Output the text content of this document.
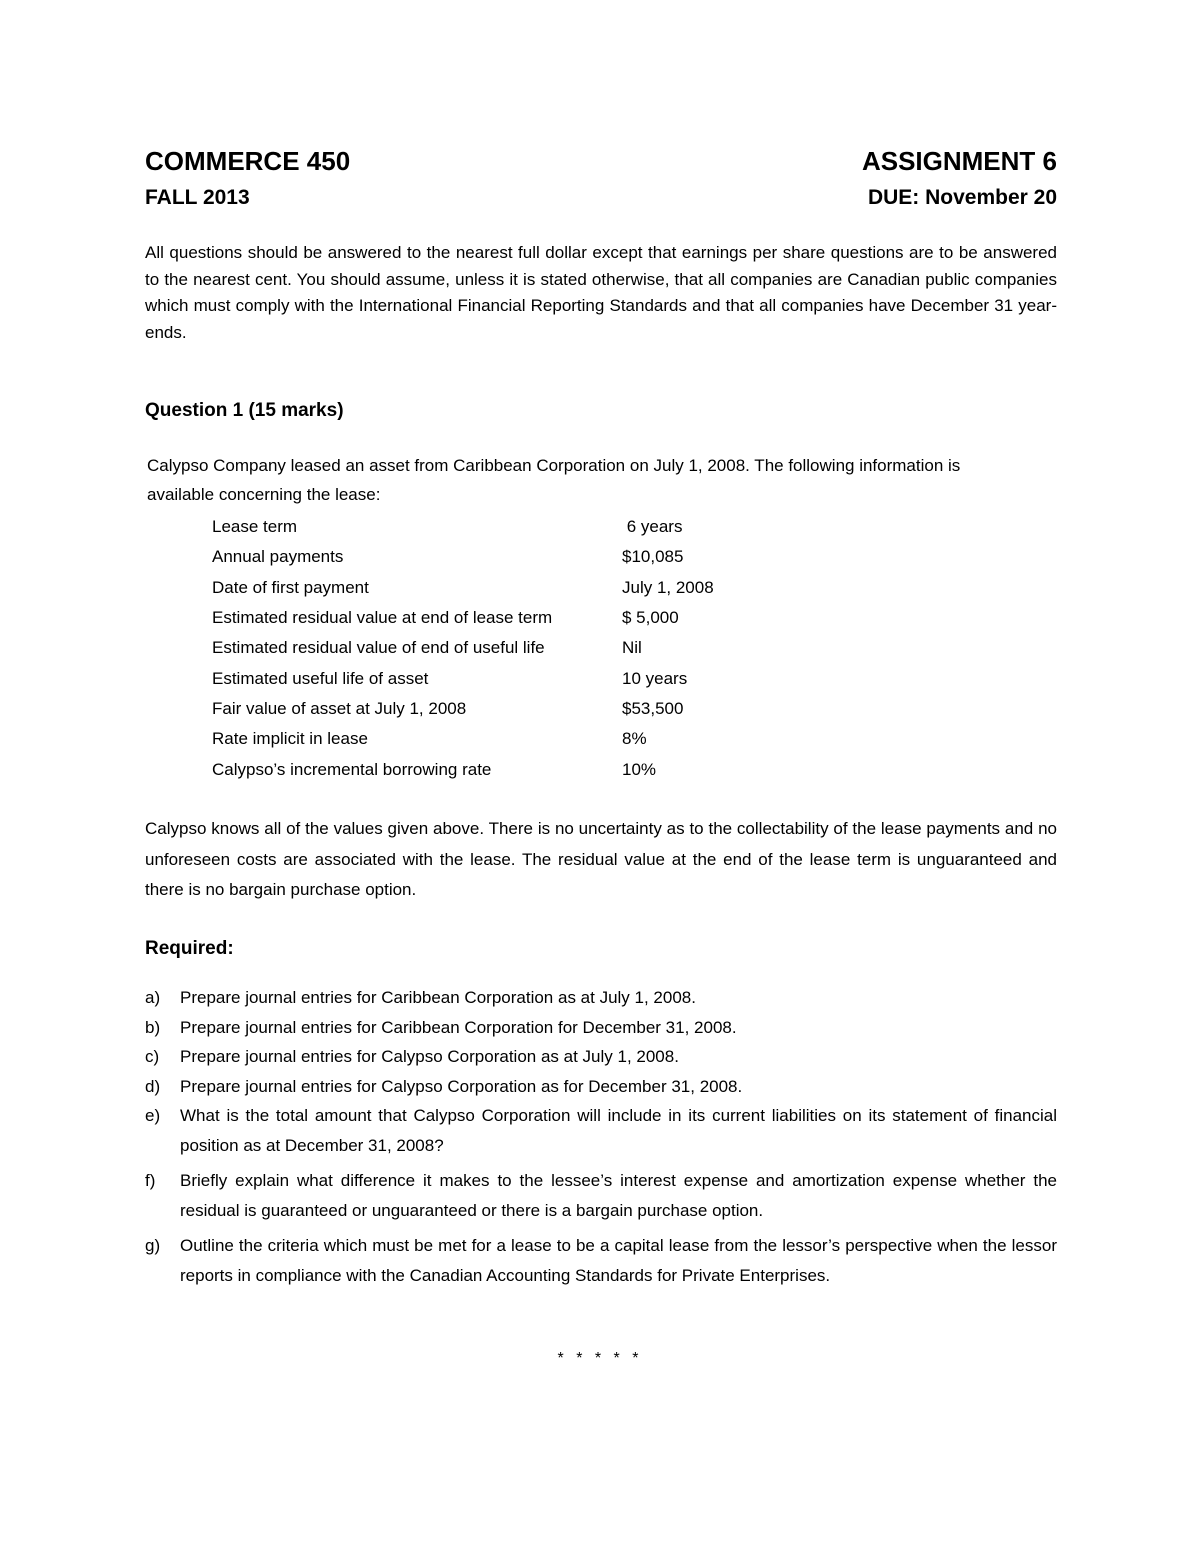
COMMERCE 450	ASSIGNMENT 6
FALL 2013	DUE: November 20

All questions should be answered to the nearest full dollar except that earnings per share questions are to be answered to the nearest cent. You should assume, unless it is stated otherwise, that all companies are Canadian public companies which must comply with the International Financial Reporting Standards and that all companies have December 31 year-ends.

Question 1 (15 marks)

Calypso Company leased an asset from Caribbean Corporation on July 1, 2008. The following information is available concerning the lease:

Lease term	6 years
Annual payments	$10,085
Date of first payment	July 1, 2008
Estimated residual value at end of lease term	$ 5,000
Estimated residual value of end of useful life	Nil
Estimated useful life of asset	10 years
Fair value of asset at July 1, 2008	$53,500
Rate implicit in lease	8%
Calypso’s incremental borrowing rate	10%

Calypso knows all of the values given above. There is no uncertainty as to the collectability of the lease payments and no unforeseen costs are associated with the lease. The residual value at the end of the lease term is unguaranteed and there is no bargain purchase option.

Required:

a)	Prepare journal entries for Caribbean Corporation as at July 1, 2008.
b)	Prepare journal entries for Caribbean Corporation for December 31, 2008.
c)	Prepare journal entries for Calypso Corporation as at July 1, 2008.
d)	Prepare journal entries for Calypso Corporation as for December 31, 2008.
e)	What is the total amount that Calypso Corporation will include in its current liabilities on its statement of financial position as at December 31, 2008?
f)	Briefly explain what difference it makes to the lessee’s interest expense and amortization expense whether the residual is guaranteed or unguaranteed or there is a bargain purchase option.
g)	Outline the criteria which must be met for a lease to be a capital lease from the lessor’s perspective when the lessor reports in compliance with the Canadian Accounting Standards for Private Enterprises.

* * * * *
